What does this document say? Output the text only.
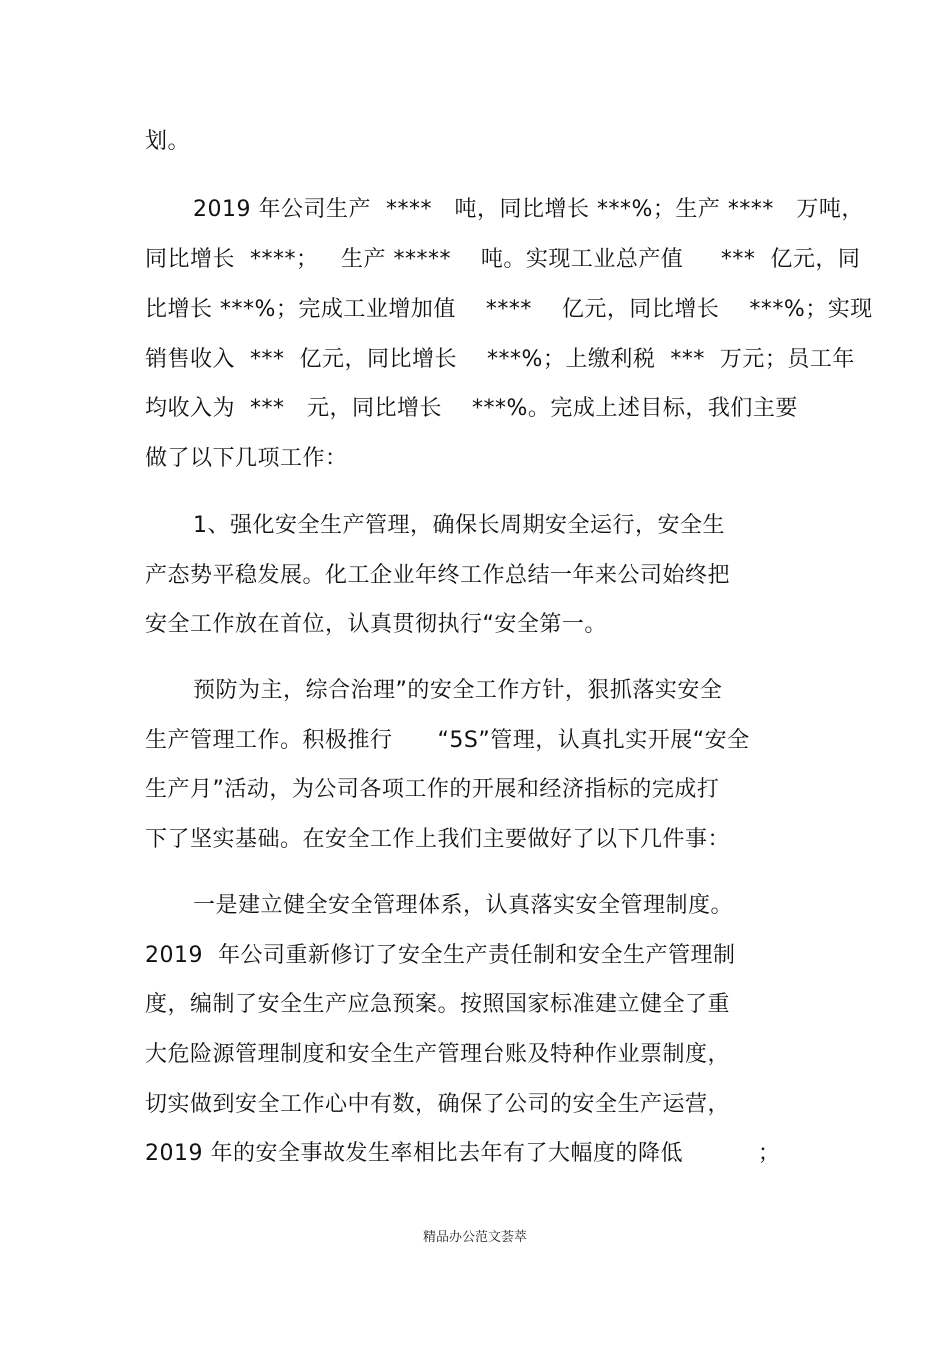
划。
2019 年公司生产  ****   吨，同比增长 ***%；生产 ****   万吨，
同比增长  ****；   生产 *****    吨。实现工业总产值     ***  亿元，同
比增长 ***%；完成工业增加值    ****    亿元，同比增长    ***%；实现
销售收入  ***  亿元，同比增长    ***%；上缴利税  ***  万元；员工年
均收入为  ***   元，同比增长    ***%。完成上述目标，我们主要
做了以下几项工作：
1、强化安全生产管理，确保长周期安全运行，安全生
产态势平稳发展。化工企业年终工作总结一年来公司始终把
安全工作放在首位，认真贯彻执行“安全第一。
预防为主，综合治理”的安全工作方针，狠抓落实安全
生产管理工作。积极推行      “5S”管理，认真扎实开展“安全
生产月”活动，为公司各项工作的开展和经济指标的完成打
下了坚实基础。在安全工作上我们主要做好了以下几件事：
一是建立健全安全管理体系，认真落实安全管理制度。
2019  年公司重新修订了安全生产责任制和安全生产管理制
度，编制了安全生产应急预案。按照国家标准建立健全了重
大危险源管理制度和安全生产管理台账及特种作业票制度，
切实做到安全工作心中有数，确保了公司的安全生产运营，
2019 年的安全事故发生率相比去年有了大幅度的降低          ；
精品办公范文荟萃
